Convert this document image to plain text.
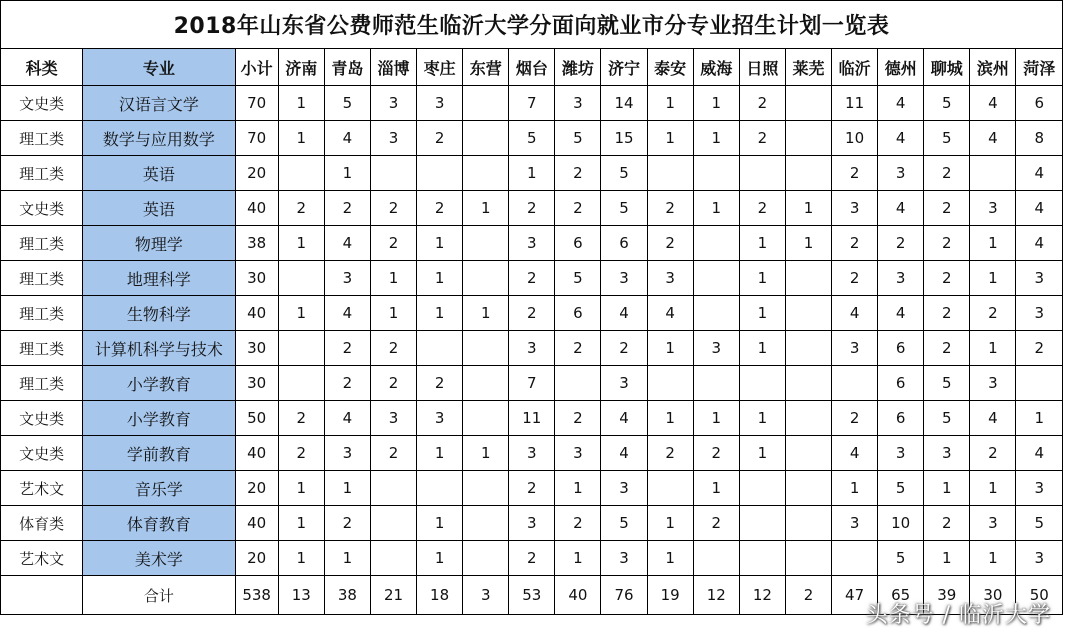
2018年山东省公费师范生临沂大学分面向就业市分专业招生计划一览表																			
科类	专业	小计	济南	青岛	淄博	枣庄	东营	烟台	潍坊	济宁	泰安	威海	日照	莱芜	临沂	德州	聊城	滨州	菏泽
文史类	汉语言文学	70	1	5	3	3		7	3	14	1	1	2		11	4	5	4	6
理工类	数学与应用数学	70	1	4	3	2		5	5	15	1	1	2		10	4	5	4	8
理工类	英语	20		1				1	2	5					2	3	2		4
文史类	英语	40	2	2	2	2	1	2	2	5	2	1	2	1	3	4	2	3	4
理工类	物理学	38	1	4	2	1		3	6	6	2		1	1	2	2	2	1	4
理工类	地理科学	30		3	1	1		2	5	3	3		1		2	3	2	1	3
理工类	生物科学	40	1	4	1	1	1	2	6	4	4		1		4	4	2	2	3
理工类	计算机科学与技术	30		2	2			3	2	2	1	3	1		3	6	2	1	2
理工类	小学教育	30		2	2	2		7		3						6	5	3	
文史类	小学教育	50	2	4	3	3		11	2	4	1	1	1		2	6	5	4	1
文史类	学前教育	40	2	3	2	1	1	3	3	4	2	2	1		4	3	3	2	4
艺术文	音乐学	20	1	1				2	1	3		1			1	5	1	1	3
体育类	体育教育	40	1	2		1		3	2	5	1	2			3	10	2	3	5
艺术文	美术学	20	1	1		1		2	1	3	1					5	1	1	3
	合计	538	13	38	21	18	3	53	40	76	19	12	12	2	47	65	39	30	50
头条号 / 临沂大学
